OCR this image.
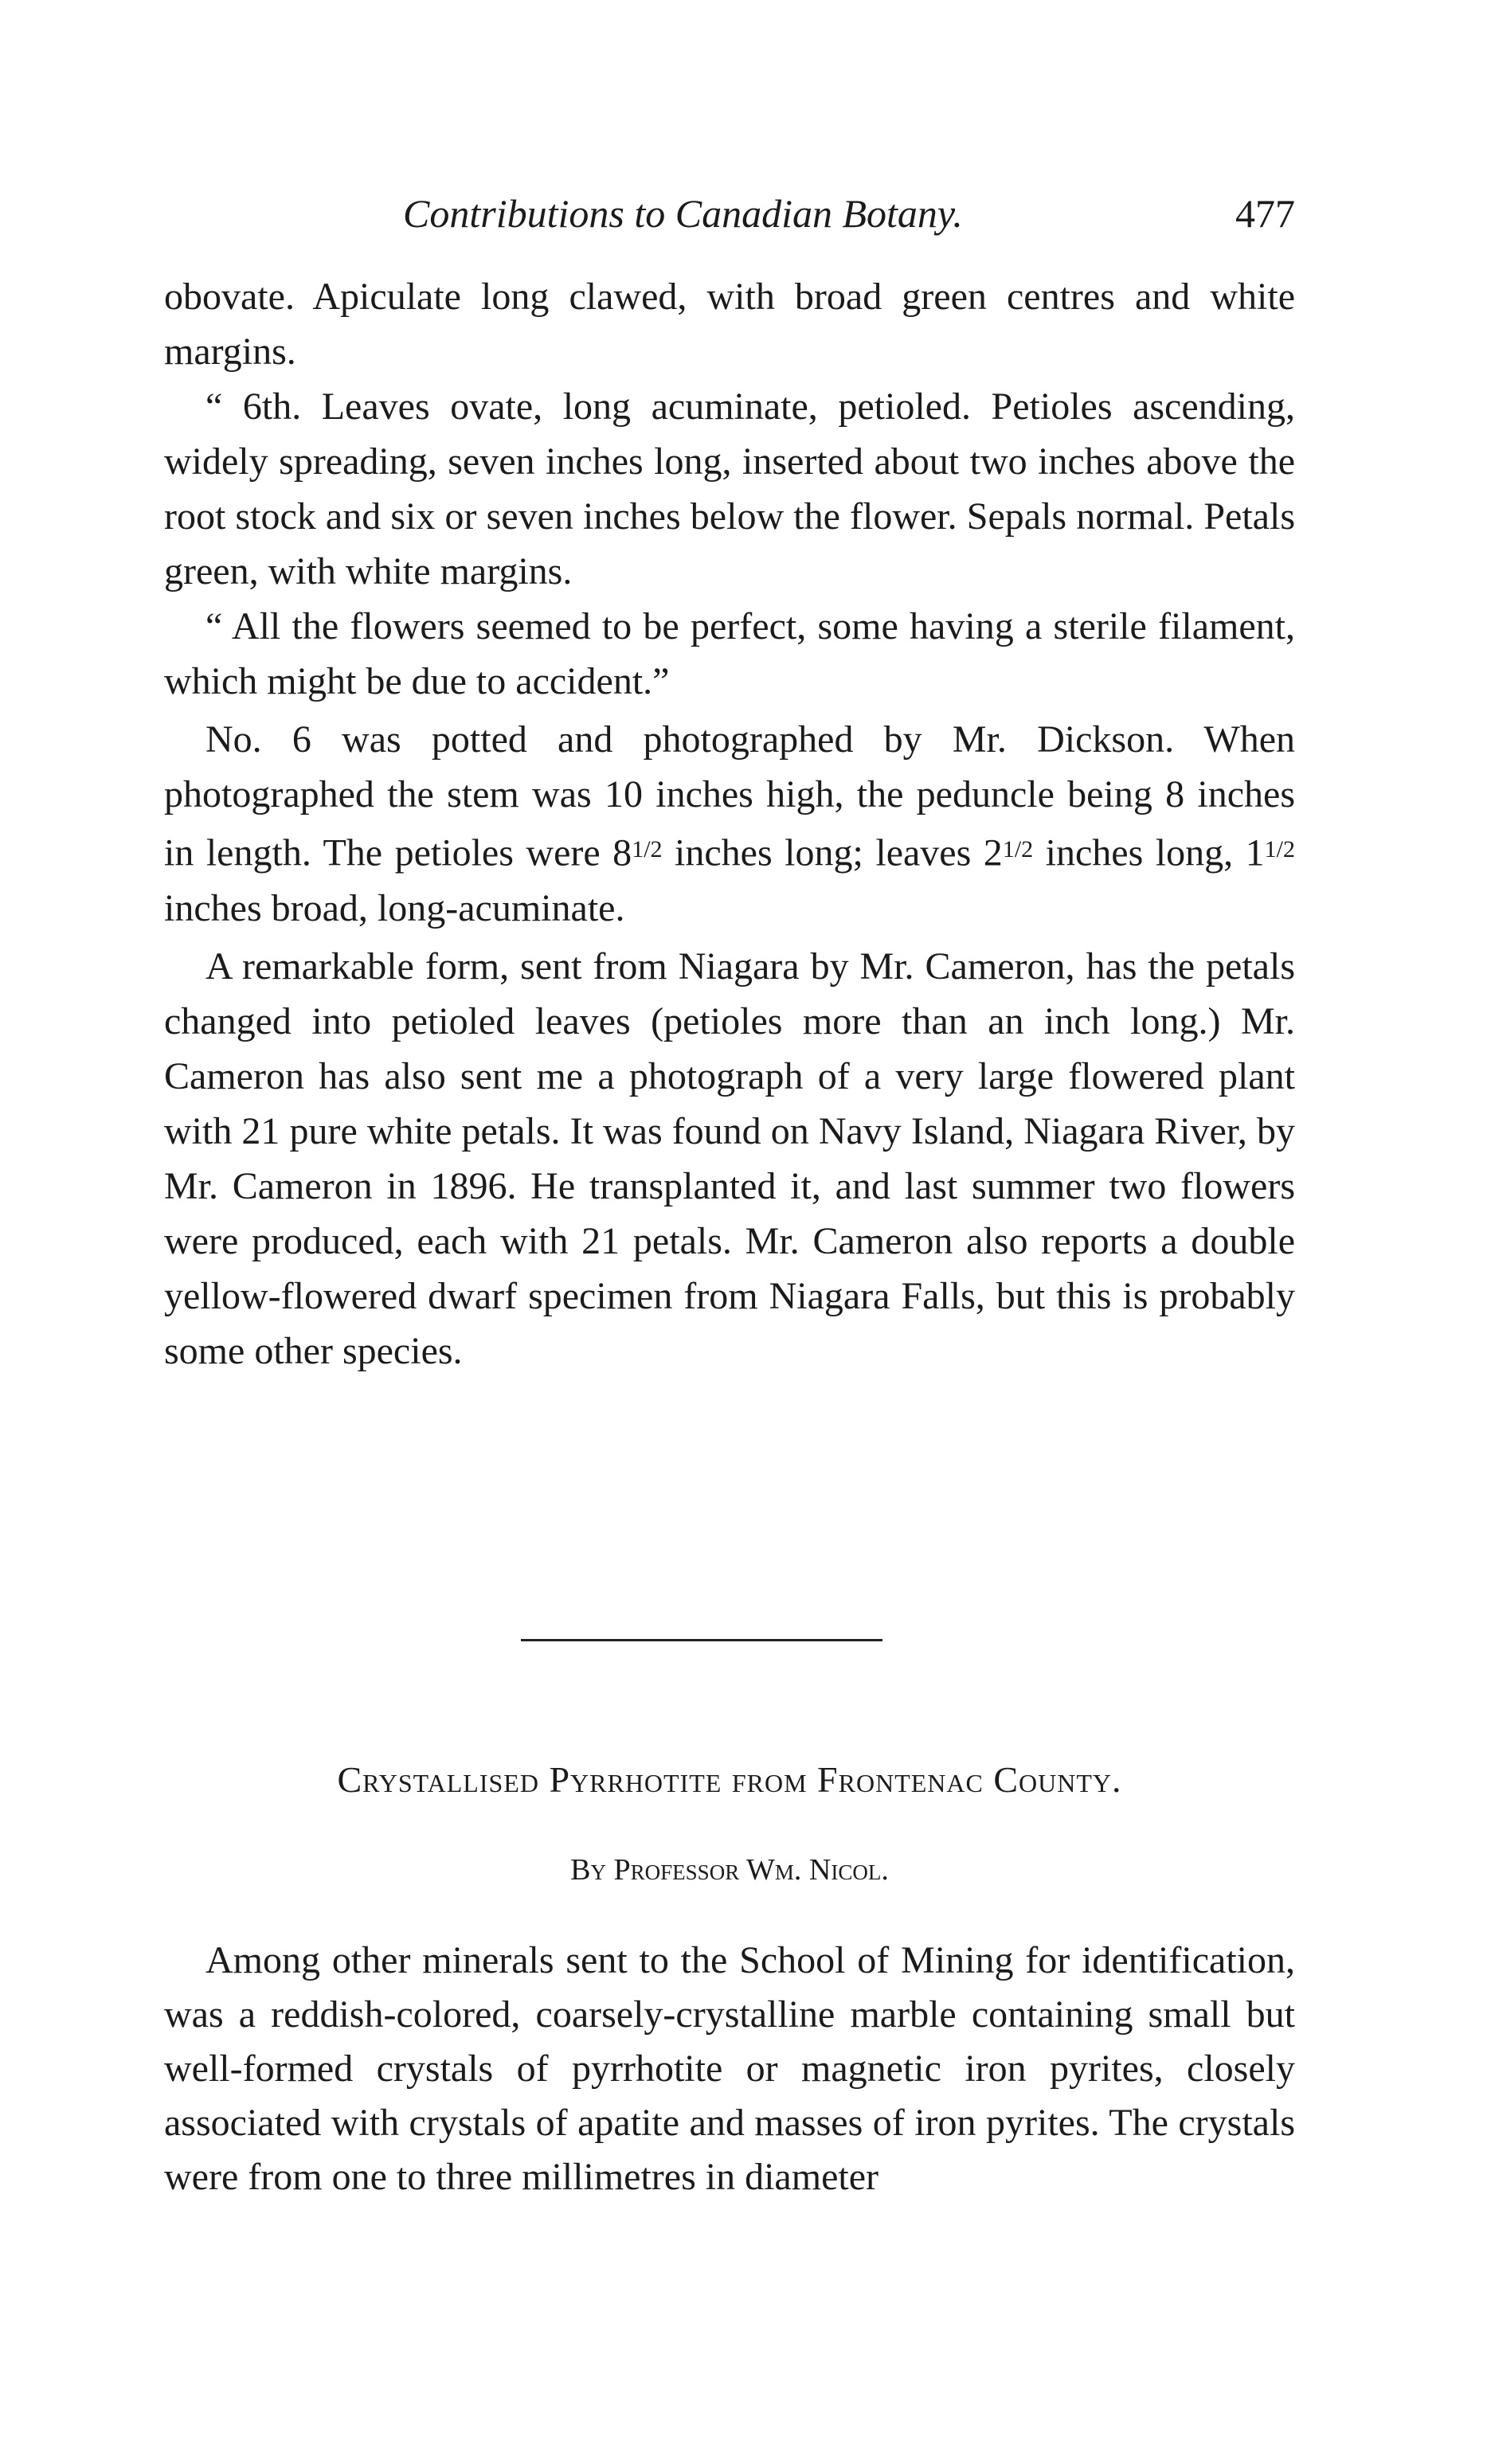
Contributions to Canadian Botany.	477

obovate. Apiculate long clawed, with broad green centres and white margins.

“ 6th. Leaves ovate, long acuminate, petioled. Petioles ascending, widely spreading, seven inches long, inserted about two inches above the root stock and six or seven inches below the flower. Sepals normal. Petals green, with white margins.

“ All the flowers seemed to be perfect, some having a sterile filament, which might be due to accident.”

No. 6 was potted and photographed by Mr. Dickson. When photographed the stem was 10 inches high, the peduncle being 8 inches in length. The petioles were $8^{1/2}$ inches long; leaves $2^{1/2}$ inches long, $1^{1/2}$ inches broad, long-acuminate.

A remarkable form, sent from Niagara by Mr. Cameron, has the petals changed into petioled leaves (petioles more than an inch long.) Mr. Cameron has also sent me a photograph of a very large flowered plant with 21 pure white petals. It was found on Navy Island, Niagara River, by Mr. Cameron in 1896. He transplanted it, and last summer two flowers were produced, each with 21 petals. Mr. Cameron also reports a double yellow-flowered dwarf specimen from Niagara Falls, but this is probably some other species.

Crystallised Pyrrhotite from Frontenac County.
By Professor Wm. Nicol.

Among other minerals sent to the School of Mining for identification, was a reddish-colored, coarsely-crystalline marble containing small but well-formed crystals of pyrrhotite or magnetic iron pyrites, closely associated with crystals of apatite and masses of iron pyrites. The crystals were from one to three millimetres in diameter
